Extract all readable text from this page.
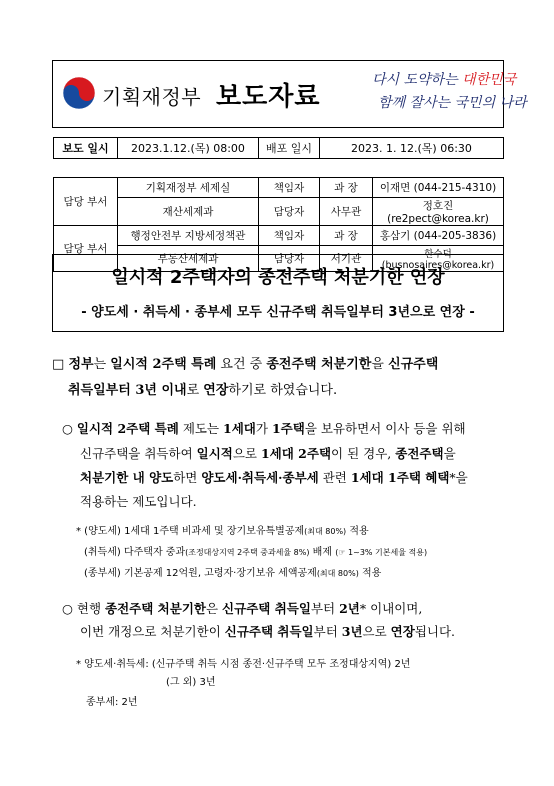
기획재정부 보도자료
다시 도약하는 대한민국
함께 잘사는 국민의 나라
보도 일시	2023.1.12.(목) 08:00	배포 일시	2023. 1. 12.(목) 06:30
담당 부서	기획재정부 세제실	책임자	과 장	이재면 (044-215-4310)
	재산세제과	담당자	사무관	정호진 (re2pect@korea.kr)
담당 부서	행정안전부 지방세정책관	책임자	과 장	홍삼기 (044-205-3836)
	부동산세제과	담당자	서기관	한수덕 (busnosaires@korea.kr)
일시적 2주택자의 종전주택 처분기한 연장
- 양도세 · 취득세 · 종부세 모두 신규주택 취득일부터 3년으로 연장 -
□ 정부는 일시적 2주택 특례 요건 중 종전주택 처분기한을 신규주택
취득일부터 3년 이내로 연장하기로 하였습니다.
○ 일시적 2주택 특례 제도는 1세대가 1주택을 보유하면서 이사 등을 위해
신규주택을 취득하여 일시적으로 1세대 2주택이 된 경우, 종전주택을
처분기한 내 양도하면 양도세·취득세·종부세 관련 1세대 1주택 혜택*을
적용하는 제도입니다.
* (양도세) 1세대 1주택 비과세 및 장기보유특별공제(최대 80%) 적용
(취득세) 다주택자 중과(조정대상지역 2주택 중과세율 8%) 배제 (☞ 1~3% 기본세율 적용)
(종부세) 기본공제 12억원, 고령자·장기보유 세액공제(최대 80%) 적용
○ 현행 종전주택 처분기한은 신규주택 취득일부터 2년* 이내이며,
이번 개정으로 처분기한이 신규주택 취득일부터 3년으로 연장됩니다.
* 양도세·취득세: (신규주택 취득 시점 종전·신규주택 모두 조정대상지역) 2년
(그 외) 3년
종부세: 2년
